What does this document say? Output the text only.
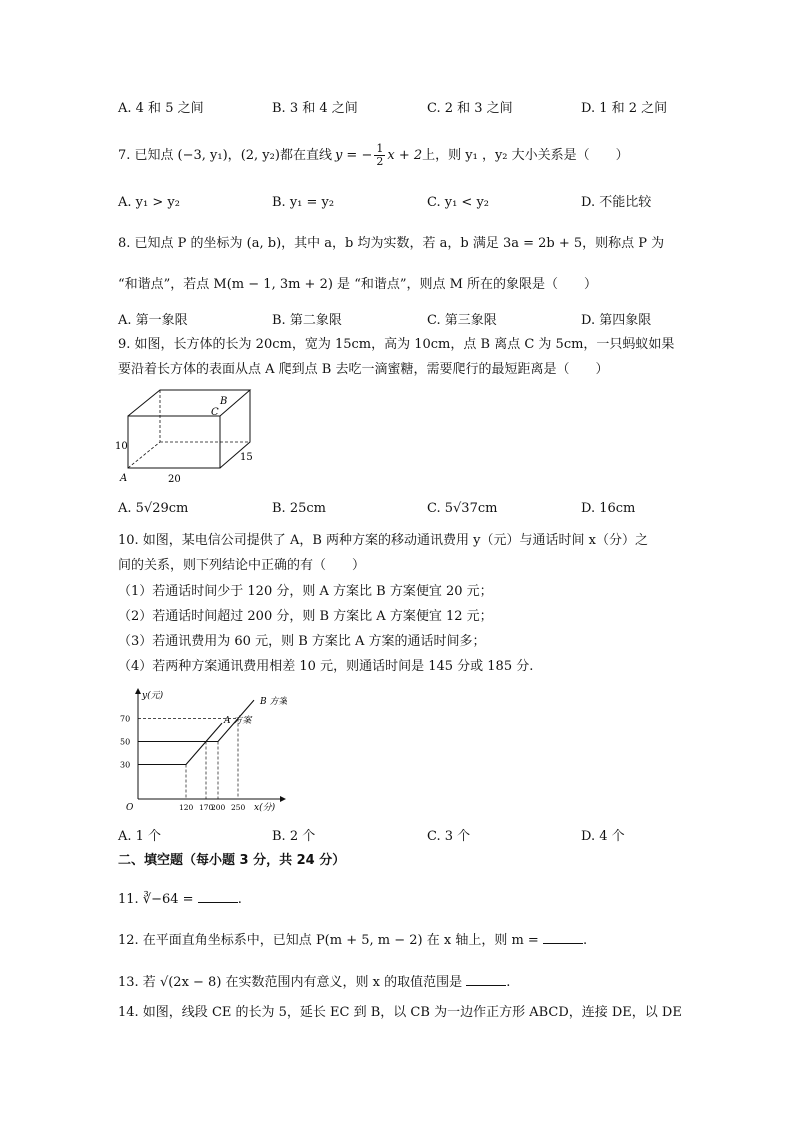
A. 4 和 5 之间	B. 3 和 4 之间	C. 2 和 3 之间	D. 1 和 2 之间
7. 已知点 (−3, y₁)， (2, y₂) 都在直线 y = − $\frac{1}{2}$ x + 2 上，则 y₁ ，y₂ 大小关系是（　　）
A. y₁ > y₂	B. y₁ = y₂	C. y₁ < y₂	D. 不能比较
8. 已知点 P 的坐标为 (a, b)，其中 a，b 均为实数，若 a，b 满足 3a = 2b + 5，则称点 P 为
“和谐点”，若点 M(m − 1, 3m + 2) 是 “和谐点”，则点 M 所在的象限是（　　）
A. 第一象限	B. 第二象限	C. 第三象限	D. 第四象限
9. 如图，长方体的长为 20cm，宽为 15cm，高为 10cm，点 B 离点 C 为 5cm，一只蚂蚁如果
要沿着长方体的表面从点 A 爬到点 B 去吃一滴蜜糖，需要爬行的最短距离是（　　）
B
C
A
10
20
15
A. 5√29cm	B. 25cm	C. 5√37cm	D. 16cm
10. 如图，某电信公司提供了 A，B 两种方案的移动通讯费用 y（元）与通话时间 x（分）之
间的关系，则下列结论中正确的有（　　）
（1）若通话时间少于 120 分，则 A 方案比 B 方案便宜 20 元；
（2）若通话时间超过 200 分，则 B 方案比 A 方案便宜 12 元；
（3）若通讯费用为 60 元，则 B 方案比 A 方案的通话时间多；
（4）若两种方案通讯费用相差 10 元，则通话时间是 145 分或 185 分.
y(元)
x(分)
O
30
50
70
120 170
200 250
A 方案
B 方案
A. 1 个	B. 2 个	C. 3 个	D. 4 个
二、填空题（每小题 3 分，共 24 分）
11. ∛−64 =	.
12. 在平面直角坐标系中，已知点 P(m + 5, m − 2) 在 x 轴上，则 m =	.
13. 若 √(2x − 8) 在实数范围内有意义，则 x 的取值范围是	.
14. 如图，线段 CE 的长为 5，延长 EC 到 B，以 CB 为一边作正方形 ABCD，连接 DE，以 DE
